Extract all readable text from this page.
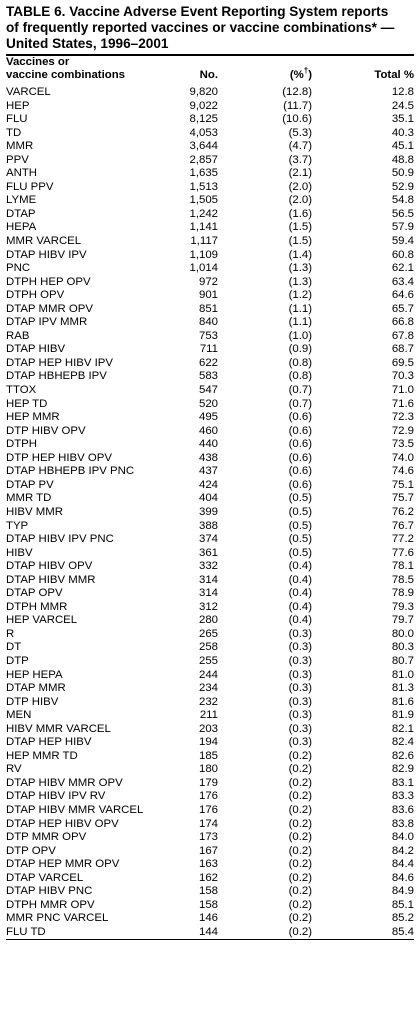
TABLE 6. Vaccine Adverse Event Reporting System reports
of frequently reported vaccines or vaccine combinations* —
United States, 1996–2001

Vaccines or
vaccine combinations	No.	(%†)	Total %
VARCEL	9,820	(12.8)	12.8
HEP	9,022	(11.7)	24.5
FLU	8,125	(10.6)	35.1
TD	4,053	(5.3)	40.3
MMR	3,644	(4.7)	45.1
PPV	2,857	(3.7)	48.8
ANTH	1,635	(2.1)	50.9
FLU PPV	1,513	(2.0)	52.9
LYME	1,505	(2.0)	54.8
DTAP	1,242	(1.6)	56.5
HEPA	1,141	(1.5)	57.9
MMR VARCEL	1,117	(1.5)	59.4
DTAP HIBV IPV	1,109	(1.4)	60.8
PNC	1,014	(1.3)	62.1
DTPH HEP OPV	972	(1.3)	63.4
DTPH OPV	901	(1.2)	64.6
DTAP MMR OPV	851	(1.1)	65.7
DTAP IPV MMR	840	(1.1)	66.8
RAB	753	(1.0)	67.8
DTAP HIBV	711	(0.9)	68.7
DTAP HEP HIBV IPV	622	(0.8)	69.5
DTAP HBHEPB IPV	583	(0.8)	70.3
TTOX	547	(0.7)	71.0
HEP TD	520	(0.7)	71.6
HEP MMR	495	(0.6)	72.3
DTP HIBV OPV	460	(0.6)	72.9
DTPH	440	(0.6)	73.5
DTP HEP HIBV OPV	438	(0.6)	74.0
DTAP HBHEPB IPV PNC	437	(0.6)	74.6
DTAP PV	424	(0.6)	75.1
MMR TD	404	(0.5)	75.7
HIBV MMR	399	(0.5)	76.2
TYP	388	(0.5)	76.7
DTAP HIBV IPV PNC	374	(0.5)	77.2
HIBV	361	(0.5)	77.6
DTAP HIBV OPV	332	(0.4)	78.1
DTAP HIBV MMR	314	(0.4)	78.5
DTAP OPV	314	(0.4)	78.9
DTPH MMR	312	(0.4)	79.3
HEP VARCEL	280	(0.4)	79.7
R	265	(0.3)	80.0
DT	258	(0.3)	80.3
DTP	255	(0.3)	80.7
HEP HEPA	244	(0.3)	81.0
DTAP MMR	234	(0.3)	81.3
DTP HIBV	232	(0.3)	81.6
MEN	211	(0.3)	81.9
HIBV MMR VARCEL	203	(0.3)	82.1
DTAP HEP HIBV	194	(0.3)	82.4
HEP MMR TD	185	(0.2)	82.6
RV	180	(0.2)	82.9
DTAP HIBV MMR OPV	179	(0.2)	83.1
DTAP HIBV IPV RV	176	(0.2)	83.3
DTAP HIBV MMR VARCEL	176	(0.2)	83.6
DTAP HEP HIBV OPV	174	(0.2)	83.8
DTP MMR OPV	173	(0.2)	84.0
DTP OPV	167	(0.2)	84.2
DTAP HEP MMR OPV	163	(0.2)	84.4
DTAP VARCEL	162	(0.2)	84.6
DTAP HIBV PNC	158	(0.2)	84.9
DTPH MMR OPV	158	(0.2)	85.1
MMR PNC VARCEL	146	(0.2)	85.2
FLU TD	144	(0.2)	85.4
